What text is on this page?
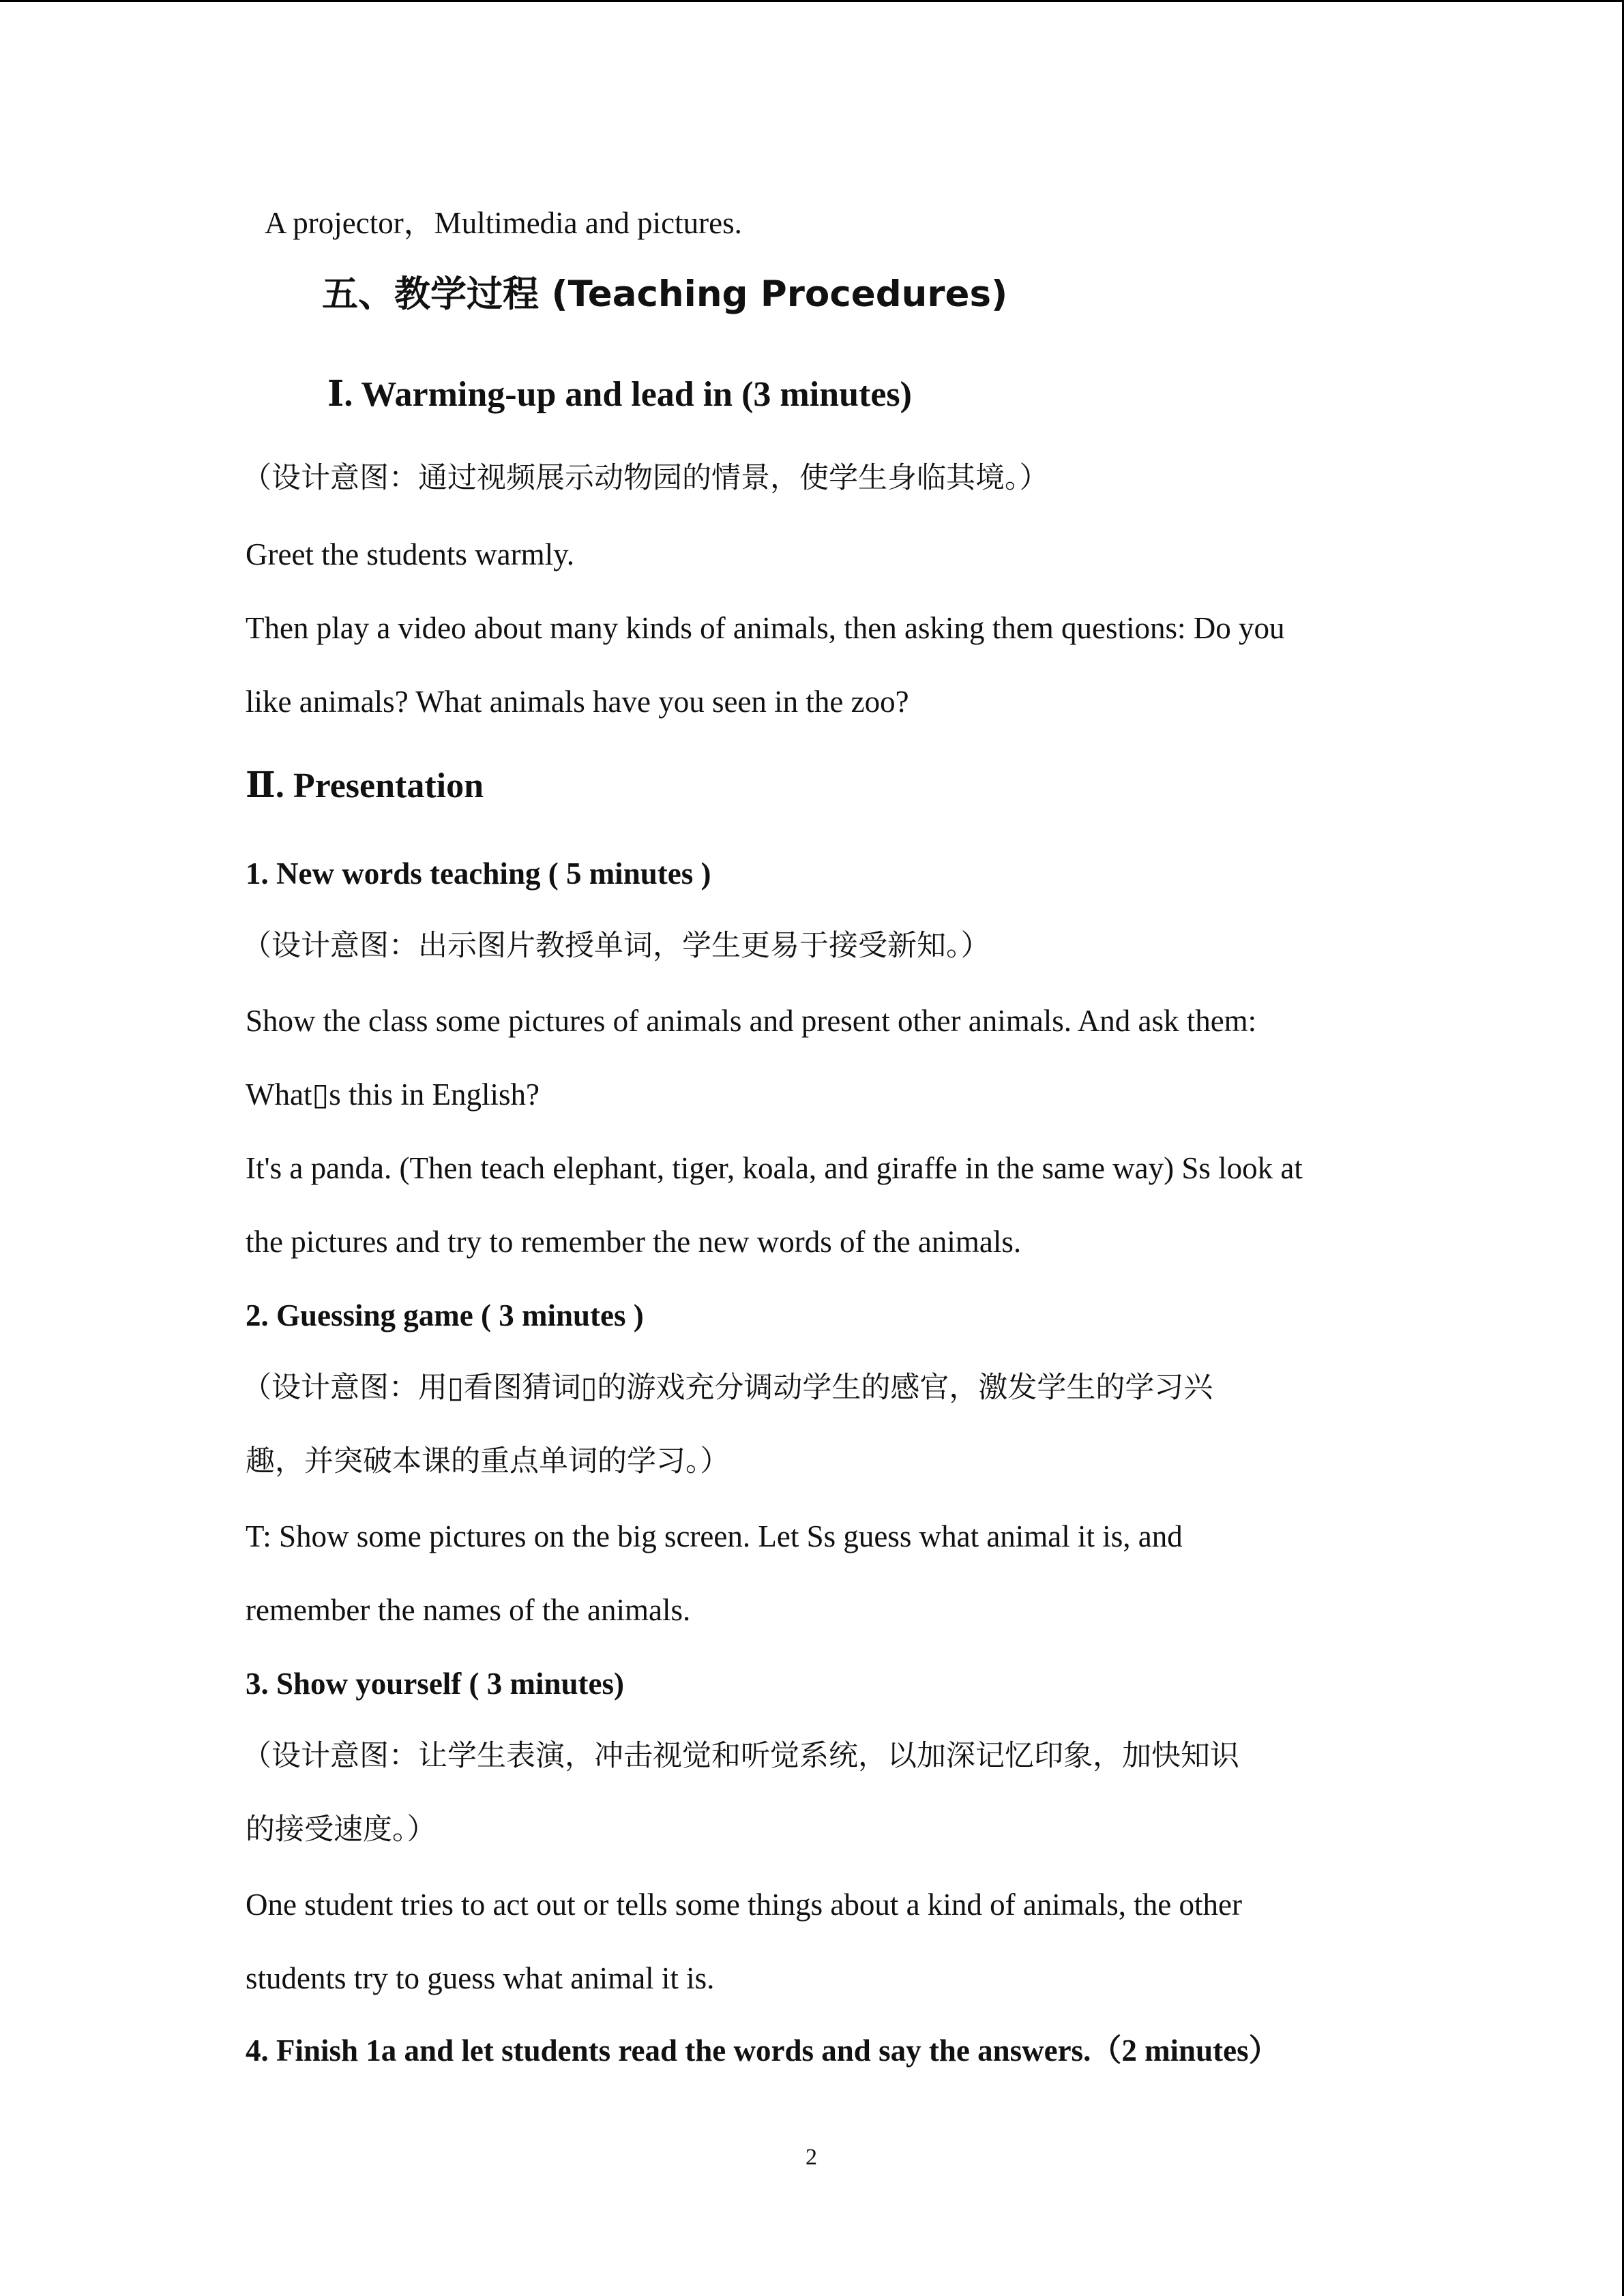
A projector，Multimedia and pictures.
五、教学过程 (Teaching Procedures)
Ⅰ. Warming-up and lead in (3 minutes)
（设计意图：通过视频展示动物园的情景，使学生身临其境。）
Greet the students warmly.
Then play a video about many kinds of animals, then asking them questions: Do you
like animals? What animals have you seen in the zoo?
Ⅱ. Presentation
1. New words teaching ( 5 minutes )
（设计意图：出示图片教授单词，学生更易于接受新知。）
Show the class some pictures of animals and present other animals. And ask them:
What▯s this in English?
It's a panda. (Then teach elephant, tiger, koala, and giraffe in the same way) Ss look at
the pictures and try to remember the new words of the animals.
2. Guessing game ( 3 minutes )
（设计意图：用▯看图猜词▯的游戏充分调动学生的感官，激发学生的学习兴
趣，并突破本课的重点单词的学习。）
T: Show some pictures on the big screen. Let Ss guess what animal it is, and
remember the names of the animals.
3. Show yourself ( 3 minutes)
（设计意图：让学生表演，冲击视觉和听觉系统，以加深记忆印象，加快知识
的接受速度。）
One student tries to act out or tells some things about a kind of animals, the other
students try to guess what animal it is.
4. Finish 1a and let students read the words and say the answers.（2 minutes）
2
